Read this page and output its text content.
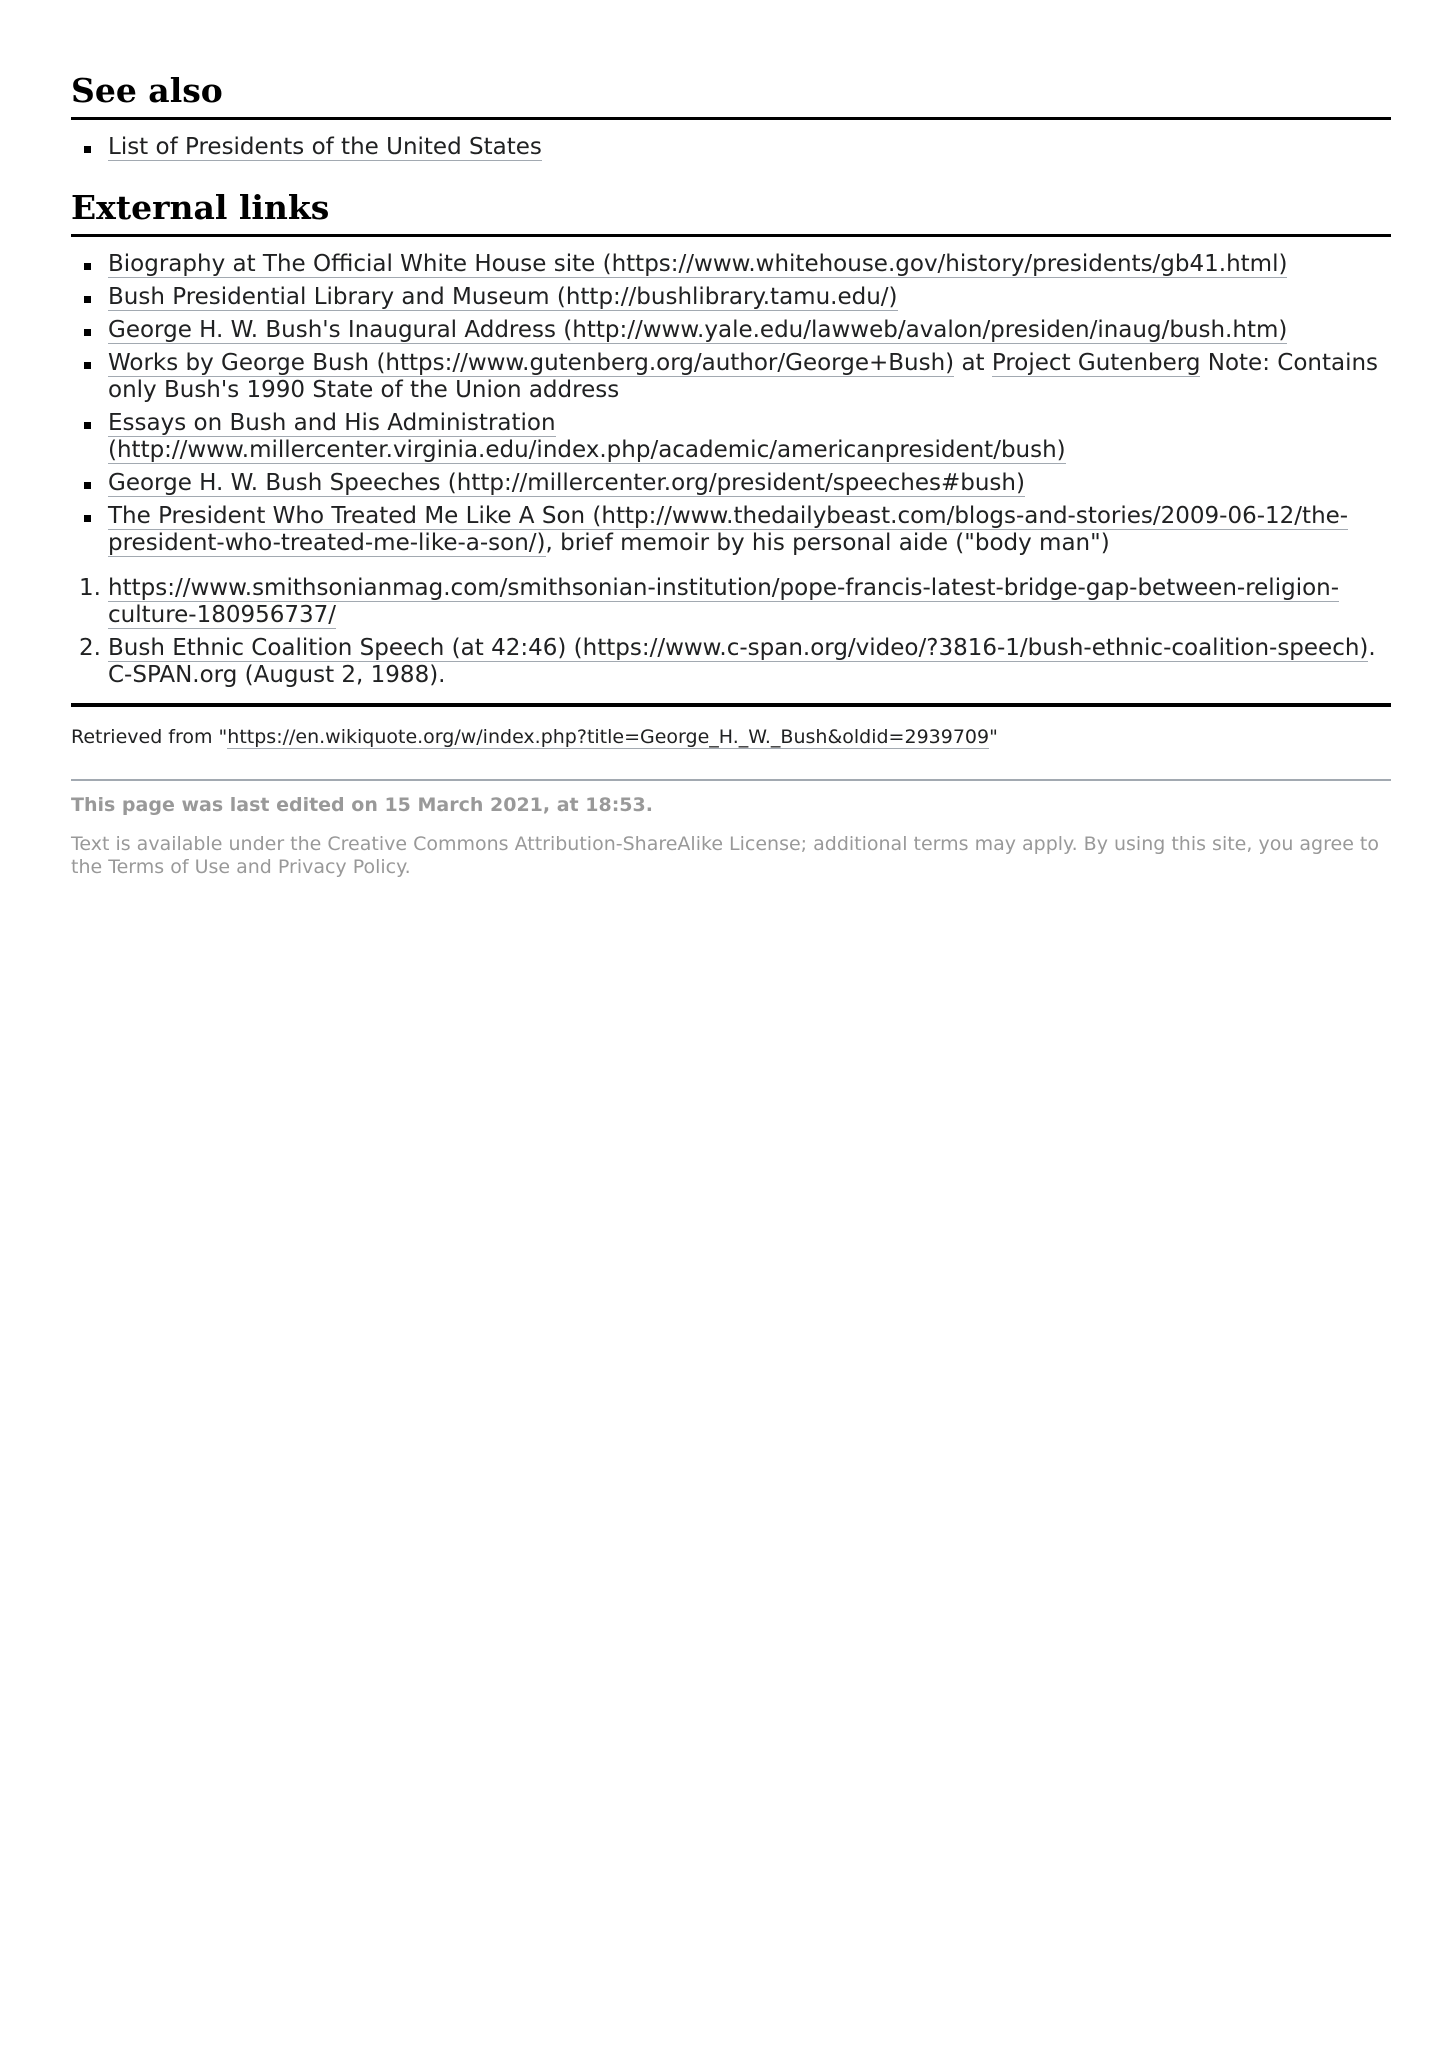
See also
List of Presidents of the United States
External links
Biography at The Official White House site (https://www.whitehouse.gov/history/presidents/gb41.html)
Bush Presidential Library and Museum (http://bushlibrary.tamu.edu/)
George H. W. Bush's Inaugural Address (http://www.yale.edu/lawweb/avalon/presiden/inaug/bush.htm)
Works by George Bush (https://www.gutenberg.org/author/George+Bush) at Project Gutenberg Note: Contains only Bush's 1990 State of the Union address
Essays on Bush and His Administration (http://www.millercenter.virginia.edu/index.php/academic/americanpresident/bush)
George H. W. Bush Speeches (http://millercenter.org/president/speeches#bush)
The President Who Treated Me Like A Son (http://www.thedailybeast.com/blogs-and-stories/2009-06-12/the-president-who-treated-me-like-a-son/), brief memoir by his personal aide ("body man")
1. https://www.smithsonianmag.com/smithsonian-institution/pope-francis-latest-bridge-gap-between-religion-culture-180956737/
2. Bush Ethnic Coalition Speech (at 42:46) (https://www.c-span.org/video/?3816-1/bush-ethnic-coalition-speech). C-SPAN.org (August 2, 1988).
Retrieved from "https://en.wikiquote.org/w/index.php?title=George_H._W._Bush&oldid=2939709"
This page was last edited on 15 March 2021, at 18:53.
Text is available under the Creative Commons Attribution-ShareAlike License; additional terms may apply. By using this site, you agree to the Terms of Use and Privacy Policy.
